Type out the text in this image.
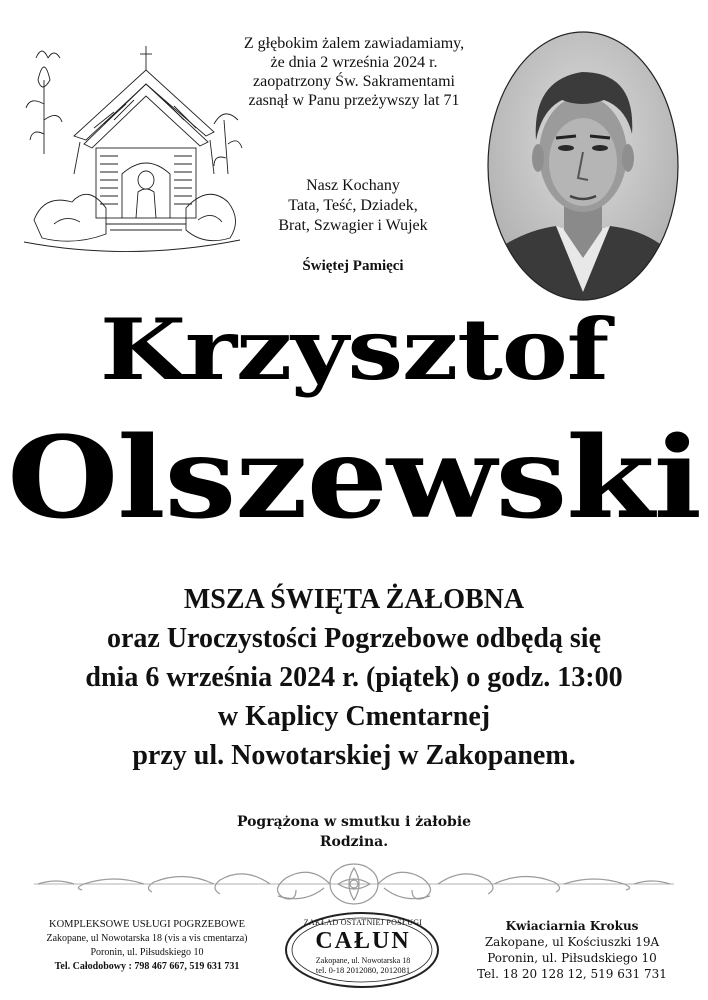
Z głębokim żalem zawiadamiamy,
że dnia 2 września 2024 r.
zaopatrzony Św. Sakramentami
zasnął w Panu przeżywszy lat 71
Nasz Kochany
Tata, Teść, Dziadek,
Brat, Szwagier i Wujek
Świętej Pamięci
Krzysztof
Olszewski
MSZA ŚWIĘTA ŻAŁOBNA
oraz Uroczystości Pogrzebowe odbędą się
dnia 6 września 2024 r. (piątek) o godz. 13:00
w Kaplicy Cmentarnej
przy ul. Nowotarskiej w Zakopanem.
Pogrążona w smutku i żałobie
Rodzina.
KOMPLEKSOWE USŁUGI POGRZEBOWE
Zakopane, ul Nowotarska 18 (vis a vis cmentarza)
Poronin, ul. Piłsudskiego 10
Tel. Całodobowy : 798 467 667, 519 631 731
ZAKŁAD OSTATNIEJ POSŁUGI
CAŁUN
Zakopane, ul. Nowotarska 18
tel. 0-18 2012080, 2012081
Kwiaciarnia Krokus
Zakopane, ul Kościuszki 19A
Poronin, ul. Piłsudskiego 10
Tel. 18 20 128 12, 519 631 731
